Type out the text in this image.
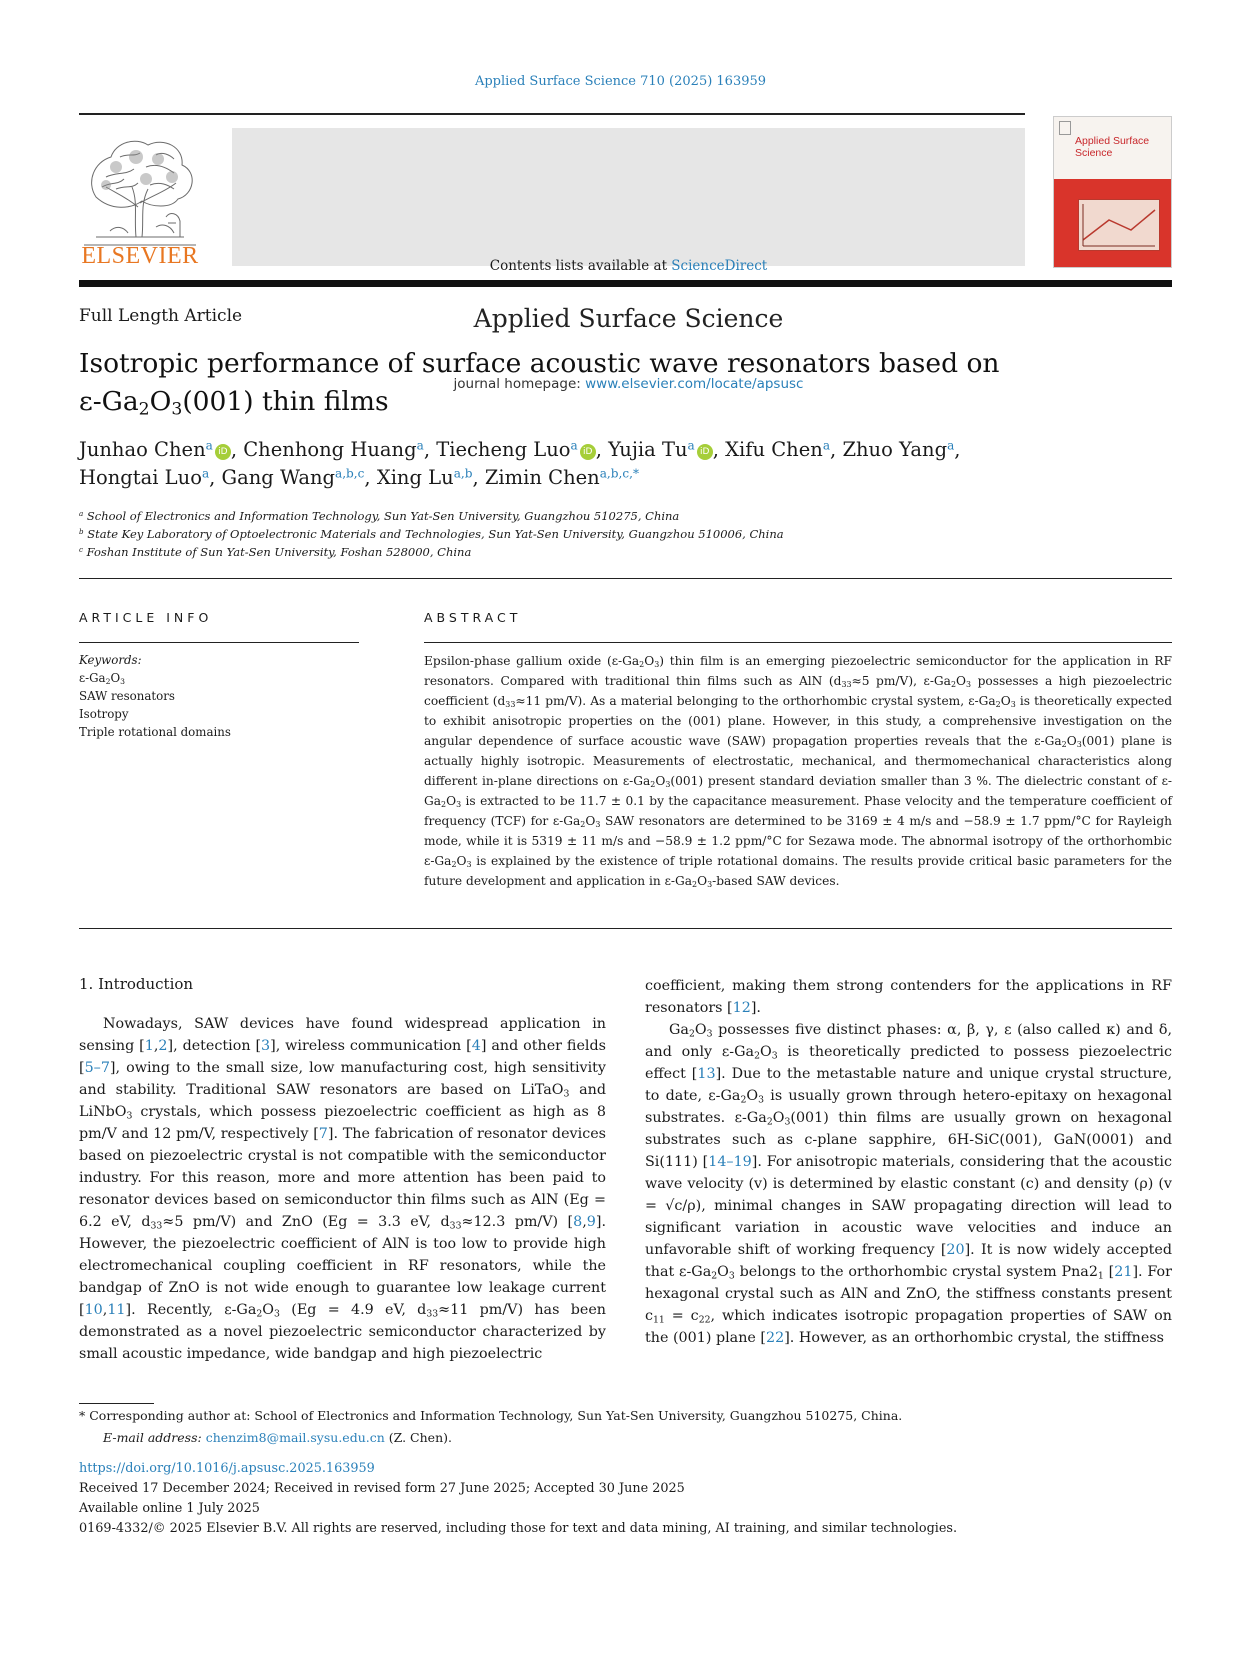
Applied Surface Science 710 (2025) 163959
ELSEVIER	Contents lists available at ScienceDirect
Applied Surface Science
journal homepage: www.elsevier.com/locate/apsusc
Applied Surface Science
Full Length Article
Isotropic performance of surface acoustic wave resonators based on
$\varepsilon-Ga_2O_3(001)$ thin films
Junhao Chen$^a$ iD , Chenhong Huang$^a$, Tiecheng Luo$^a$ iD , Yujia Tu$^a$ iD , Xifu Chen$^a$, Zhuo Yang$^a$,
Hongtai Luo$^a$, Gang Wang$^{a,b,c}$, Xing Lu$^{a,b}$, Zimin Chen$^{a,b,c,*}$
$^a$ School of Electronics and Information Technology, Sun Yat-Sen University, Guangzhou 510275, China
$^b$ State Key Laboratory of Optoelectronic Materials and Technologies, Sun Yat-Sen University, Guangzhou 510006, China
$^c$ Foshan Institute of Sun Yat-Sen University, Foshan 528000, China
ARTICLE INFO	ABSTRACT
Keywords:
$\varepsilon-Ga_2O_3$
SAW resonators
Isotropy
Triple rotational domains
Epsilon-phase gallium oxide $(\varepsilon-Ga_2O_3)$ thin film is an emerging piezoelectric semiconductor for the application in RF resonators. Compared with traditional thin films such as AlN ($d_{33}\approx 5$ pm/V), $\varepsilon-Ga_2O_3$ possesses a high piezoelectric coefficient ($d_{33}\approx 11$ pm/V). As a material belonging to the orthorhombic crystal system, $\varepsilon-Ga_2O_3$ is theoretically expected to exhibit anisotropic properties on the (001) plane. However, in this study, a comprehensive investigation on the angular dependence of surface acoustic wave (SAW) propagation properties reveals that the $\varepsilon-Ga_2O_3(001)$ plane is actually highly isotropic. Measurements of electrostatic, mechanical, and thermomechanical characteristics along different in-plane directions on $\varepsilon-Ga_2O_3(001)$ present standard deviation smaller than 3 %. The dielectric constant of $\varepsilon-Ga_2O_3$ is extracted to be 11.7 ± 0.1 by the capacitance measurement. Phase velocity and the temperature coefficient of frequency (TCF) for $\varepsilon-Ga_2O_3$ SAW resonators are determined to be 3169 ± 4 m/s and −58.9 ± 1.7 ppm/°C for Rayleigh mode, while it is 5319 ± 11 m/s and −58.9 ± 1.2 ppm/°C for Sezawa mode. The abnormal isotropy of the orthorhombic $\varepsilon-Ga_2O_3$ is explained by the existence of triple rotational domains. The results provide critical basic parameters for the future development and application in $\varepsilon-Ga_2O_3$-based SAW devices.
1. Introduction

Nowadays, SAW devices have found widespread application in sensing [1,2], detection [3], wireless communication [4] and other fields [5–7], owing to the small size, low manufacturing cost, high sensitivity and stability. Traditional SAW resonators are based on LiTaO$_3$ and LiNbO$_3$ crystals, which possess piezoelectric coefficient as high as 8 pm/V and 12 pm/V, respectively [7]. The fabrication of resonator devices based on piezoelectric crystal is not compatible with the semiconductor industry. For this reason, more and more attention has been paid to resonator devices based on semiconductor thin films such as AlN (Eg = 6.2 eV, $d_{33}\approx 5$ pm/V) and ZnO (Eg = 3.3 eV, $d_{33}\approx 12.3$ pm/V) [8,9]. However, the piezoelectric coefficient of AlN is too low to provide high electromechanical coupling coefficient in RF resonators, while the bandgap of ZnO is not wide enough to guarantee low leakage current [10,11]. Recently, $\varepsilon-Ga_2O_3$ (Eg = 4.9 eV, $d_{33}\approx 11$ pm/V) has been demonstrated as a novel piezoelectric semiconductor characterized by small acoustic impedance, wide bandgap and high piezoelectric

coefficient, making them strong contenders for the applications in RF resonators [12].

$Ga_2O_3$ possesses five distinct phases: α, β, γ, ε (also called κ) and δ, and only $\varepsilon-Ga_2O_3$ is theoretically predicted to possess piezoelectric effect [13]. Due to the metastable nature and unique crystal structure, to date, $\varepsilon-Ga_2O_3$ is usually grown through hetero-epitaxy on hexagonal substrates. $\varepsilon-Ga_2O_3(001)$ thin films are usually grown on hexagonal substrates such as c-plane sapphire, 6H-SiC(001), GaN(0001) and Si(111) [14–19]. For anisotropic materials, considering that the acoustic wave velocity (v) is determined by elastic constant (c) and density (ρ) (v = √c/ρ), minimal changes in SAW propagating direction will lead to significant variation in acoustic wave velocities and induce an unfavorable shift of working frequency [20]. It is now widely accepted that $\varepsilon-Ga_2O_3$ belongs to the orthorhombic crystal system $Pna2_1$ [21]. For hexagonal crystal such as AlN and ZnO, the stiffness constants present $c_{11} = c_{22}$, which indicates isotropic propagation properties of SAW on the (001) plane [22]. However, as an orthorhombic crystal, the stiffness

* Corresponding author at: School of Electronics and Information Technology, Sun Yat-Sen University, Guangzhou 510275, China.
E-mail address: chenzim8@mail.sysu.edu.cn (Z. Chen).
https://doi.org/10.1016/j.apsusc.2025.163959
Received 17 December 2024; Received in revised form 27 June 2025; Accepted 30 June 2025
Available online 1 July 2025
0169-4332/© 2025 Elsevier B.V. All rights are reserved, including those for text and data mining, AI training, and similar technologies.
